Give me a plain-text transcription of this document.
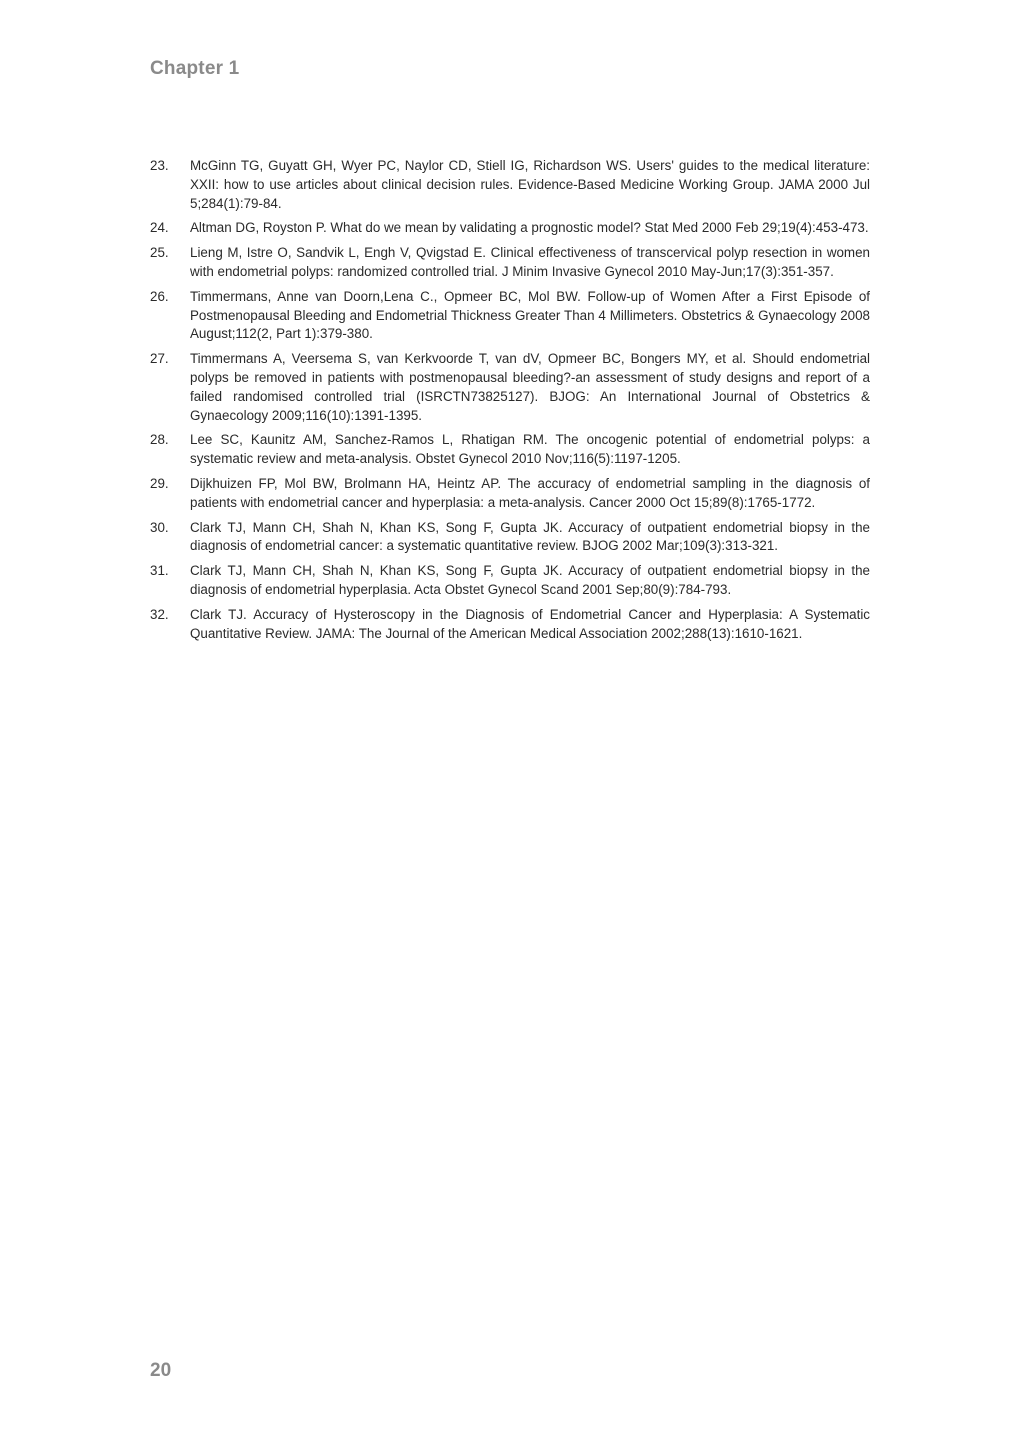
Chapter 1
23.	McGinn TG, Guyatt GH, Wyer PC, Naylor CD, Stiell IG, Richardson WS. Users' guides to the medical literature: XXII: how to use articles about clinical decision rules. Evidence-Based Medicine Working Group. JAMA 2000 Jul 5;284(1):79-84.
24.	Altman DG, Royston P. What do we mean by validating a prognostic model? Stat Med 2000 Feb 29;19(4):453-473.
25.	Lieng M, Istre O, Sandvik L, Engh V, Qvigstad E. Clinical effectiveness of transcervical polyp resection in women with endometrial polyps: randomized controlled trial. J Minim Invasive Gynecol 2010 May-Jun;17(3):351-357.
26.	Timmermans, Anne van Doorn,Lena C., Opmeer BC, Mol BW. Follow-up of Women After a First Episode of Postmenopausal Bleeding and Endometrial Thickness Greater Than 4 Millimeters. Obstetrics & Gynaecology 2008 August;112(2, Part 1):379-380.
27.	Timmermans A, Veersema S, van Kerkvoorde T, van dV, Opmeer BC, Bongers MY, et al. Should endometrial polyps be removed in patients with postmenopausal bleeding?-an assessment of study designs and report of a failed randomised controlled trial (ISRCTN73825127). BJOG: An International Journal of Obstetrics & Gynaecology 2009;116(10):1391-1395.
28.	Lee SC, Kaunitz AM, Sanchez-Ramos L, Rhatigan RM. The oncogenic potential of endometrial polyps: a systematic review and meta-analysis. Obstet Gynecol 2010 Nov;116(5):1197-1205.
29.	Dijkhuizen FP, Mol BW, Brolmann HA, Heintz AP. The accuracy of endometrial sampling in the diagnosis of patients with endometrial cancer and hyperplasia: a meta-analysis. Cancer 2000 Oct 15;89(8):1765-1772.
30.	Clark TJ, Mann CH, Shah N, Khan KS, Song F, Gupta JK. Accuracy of outpatient endometrial biopsy in the diagnosis of endometrial cancer: a systematic quantitative review. BJOG 2002 Mar;109(3):313-321.
31.	Clark TJ, Mann CH, Shah N, Khan KS, Song F, Gupta JK. Accuracy of outpatient endometrial biopsy in the diagnosis of endometrial hyperplasia. Acta Obstet Gynecol Scand 2001 Sep;80(9):784-793.
32.	Clark TJ. Accuracy of Hysteroscopy in the Diagnosis of Endometrial Cancer and Hyperplasia: A Systematic Quantitative Review. JAMA: The Journal of the American Medical Association 2002;288(13):1610-1621.
20
